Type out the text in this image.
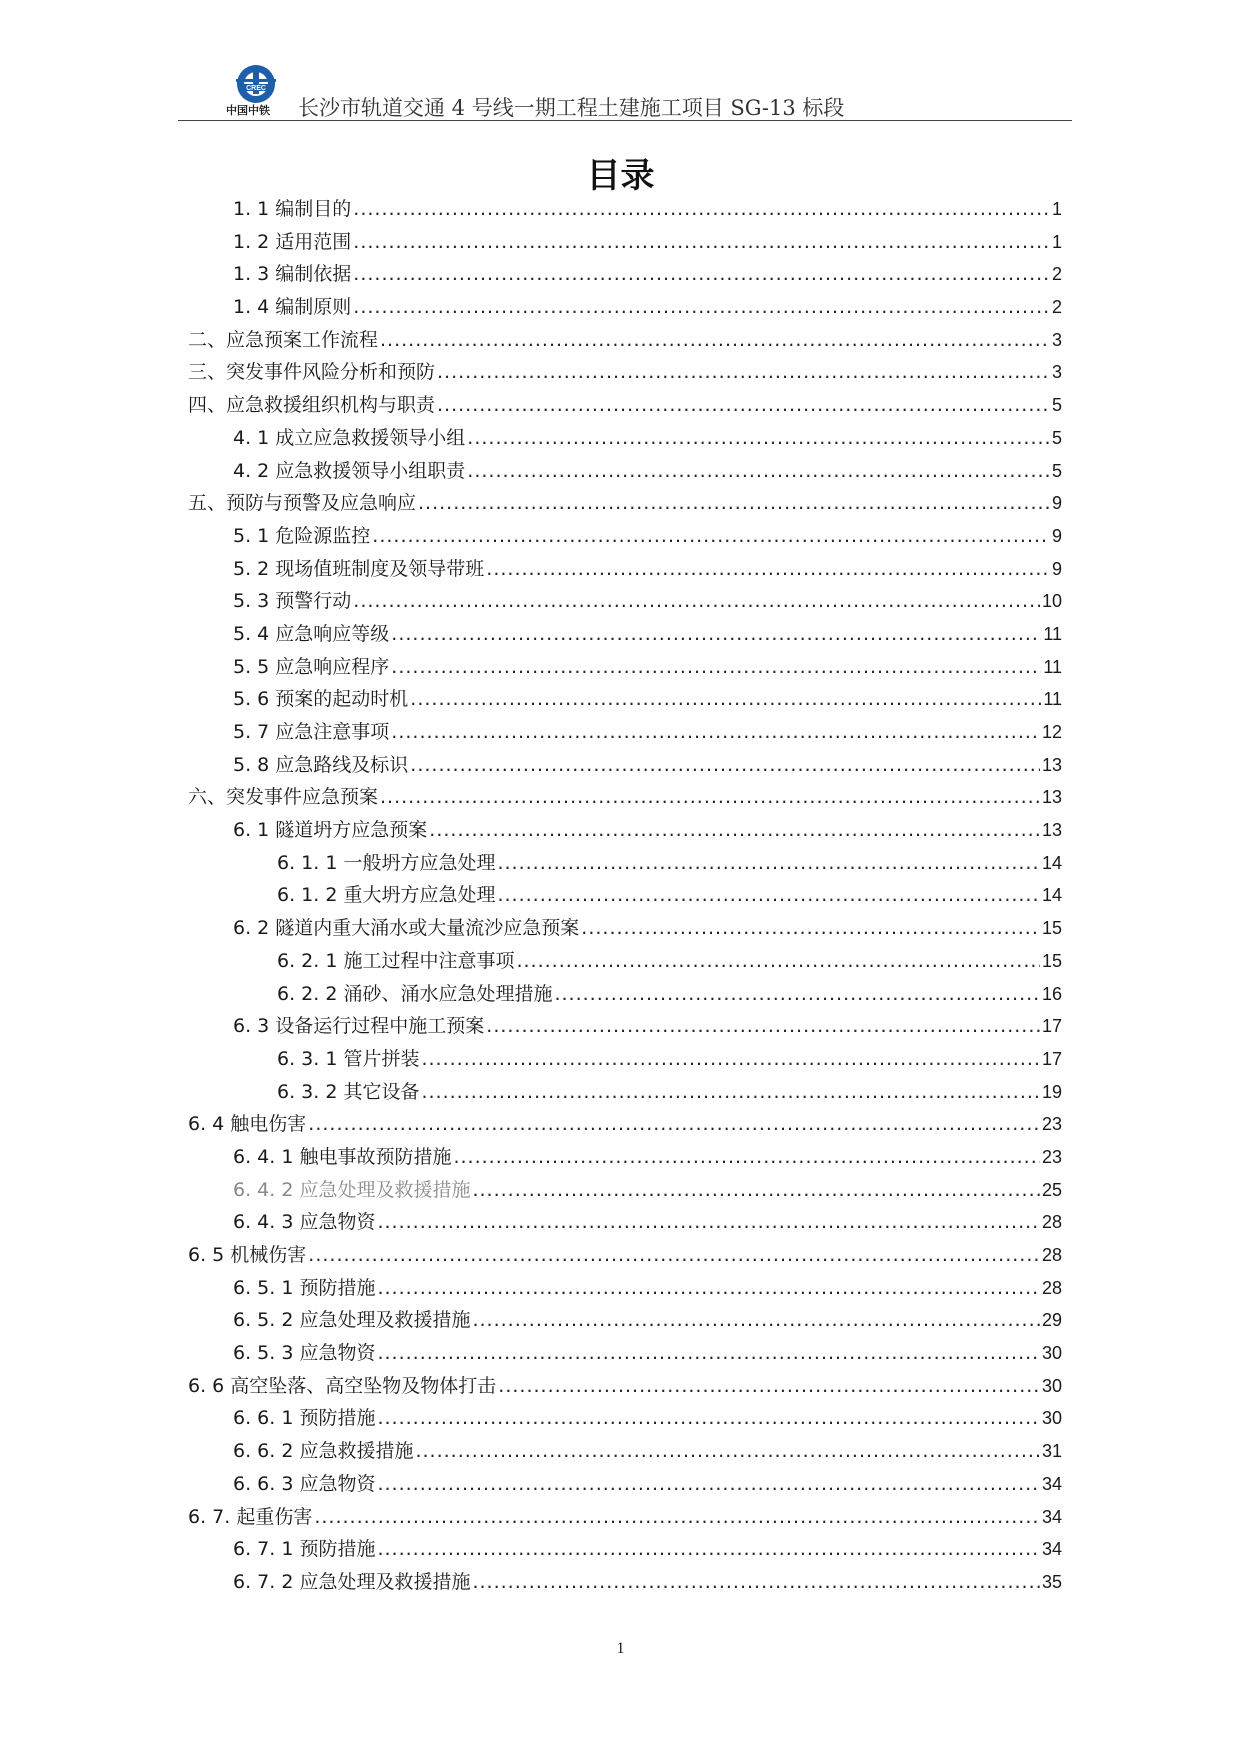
CREC
中国中铁 长沙市轨道交通 4 号线一期工程土建施工项目 SG-13 标段
目录
1. 1 编制目的 .....	1
1. 2 适用范围 .....	1
1. 3 编制依据 .....	2
1. 4 编制原则 .....	2
二、应急预案工作流程 .....	3
三、突发事件风险分析和预防 .....	3
四、应急救援组织机构与职责 .....	5
4. 1 成立应急救援领导小组 .....	5
4. 2 应急救援领导小组职责 .....	5
五、预防与预警及应急响应 .....	9
5. 1 危险源监控 .....	9
5. 2 现场值班制度及领导带班 .....	9
5. 3 预警行动 .....	10
5. 4 应急响应等级 .....	11
5. 5 应急响应程序 .....	11
5. 6 预案的起动时机 .....	11
5. 7 应急注意事项 .....	12
5. 8 应急路线及标识 .....	13
六、突发事件应急预案 .....	13
6. 1 隧道坍方应急预案 .....	13
6. 1. 1 一般坍方应急处理 .....	14
6. 1. 2 重大坍方应急处理 .....	14
6. 2 隧道内重大涌水或大量流沙应急预案 .....	15
6. 2. 1 施工过程中注意事项 .....	15
6. 2. 2 涌砂、涌水应急处理措施 .....	16
6. 3 设备运行过程中施工预案 .....	17
6. 3. 1 管片拼装 .....	17
6. 3. 2 其它设备 .....	19
6. 4 触电伤害 .....	23
6. 4. 1 触电事故预防措施 .....	23
6. 4. 2 应急处理及救援措施 .....	25
6. 4. 3 应急物资 .....	28
6. 5 机械伤害 .....	28
6. 5. 1 预防措施 .....	28
6. 5. 2 应急处理及救援措施 .....	29
6. 5. 3 应急物资 .....	30
6. 6 高空坠落、高空坠物及物体打击 .....	30
6. 6. 1 预防措施 .....	30
6. 6. 2 应急救援措施 .....	31
6. 6. 3 应急物资 .....	34
6. 7. 起重伤害 .....	34
6. 7. 1 预防措施 .....	34
6. 7. 2 应急处理及救援措施 .....	35
1
